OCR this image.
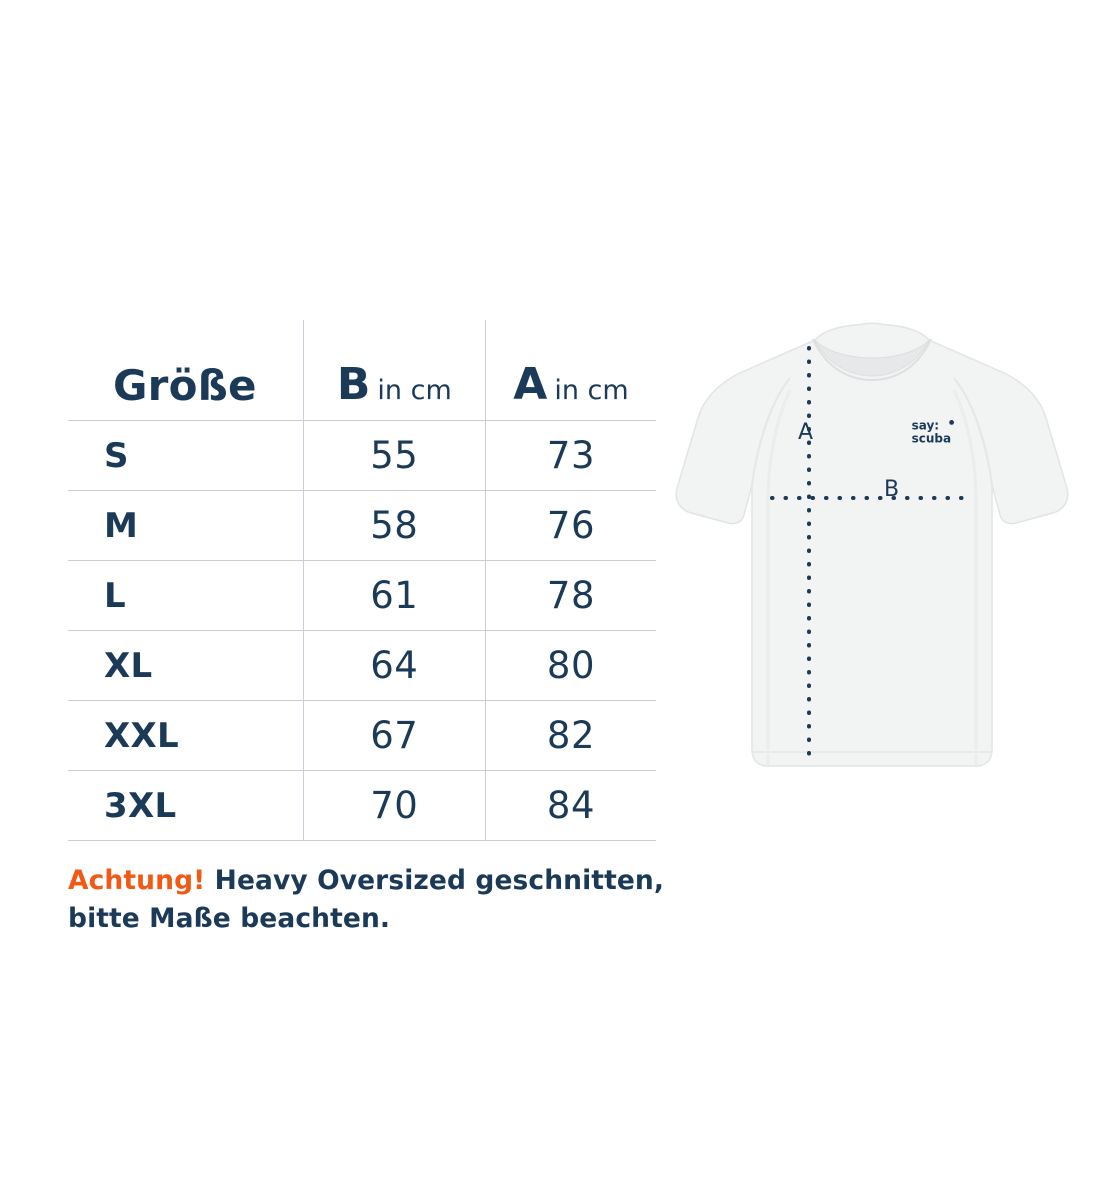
Größe	B in cm	A in cm

S	55	73
M	58	76
L	61	78
XL	64	80
XXL	67	82
3XL	70	84
Achtung! Heavy Oversized geschnitten, bitte Maße beachten.
A
B
say:
scuba
